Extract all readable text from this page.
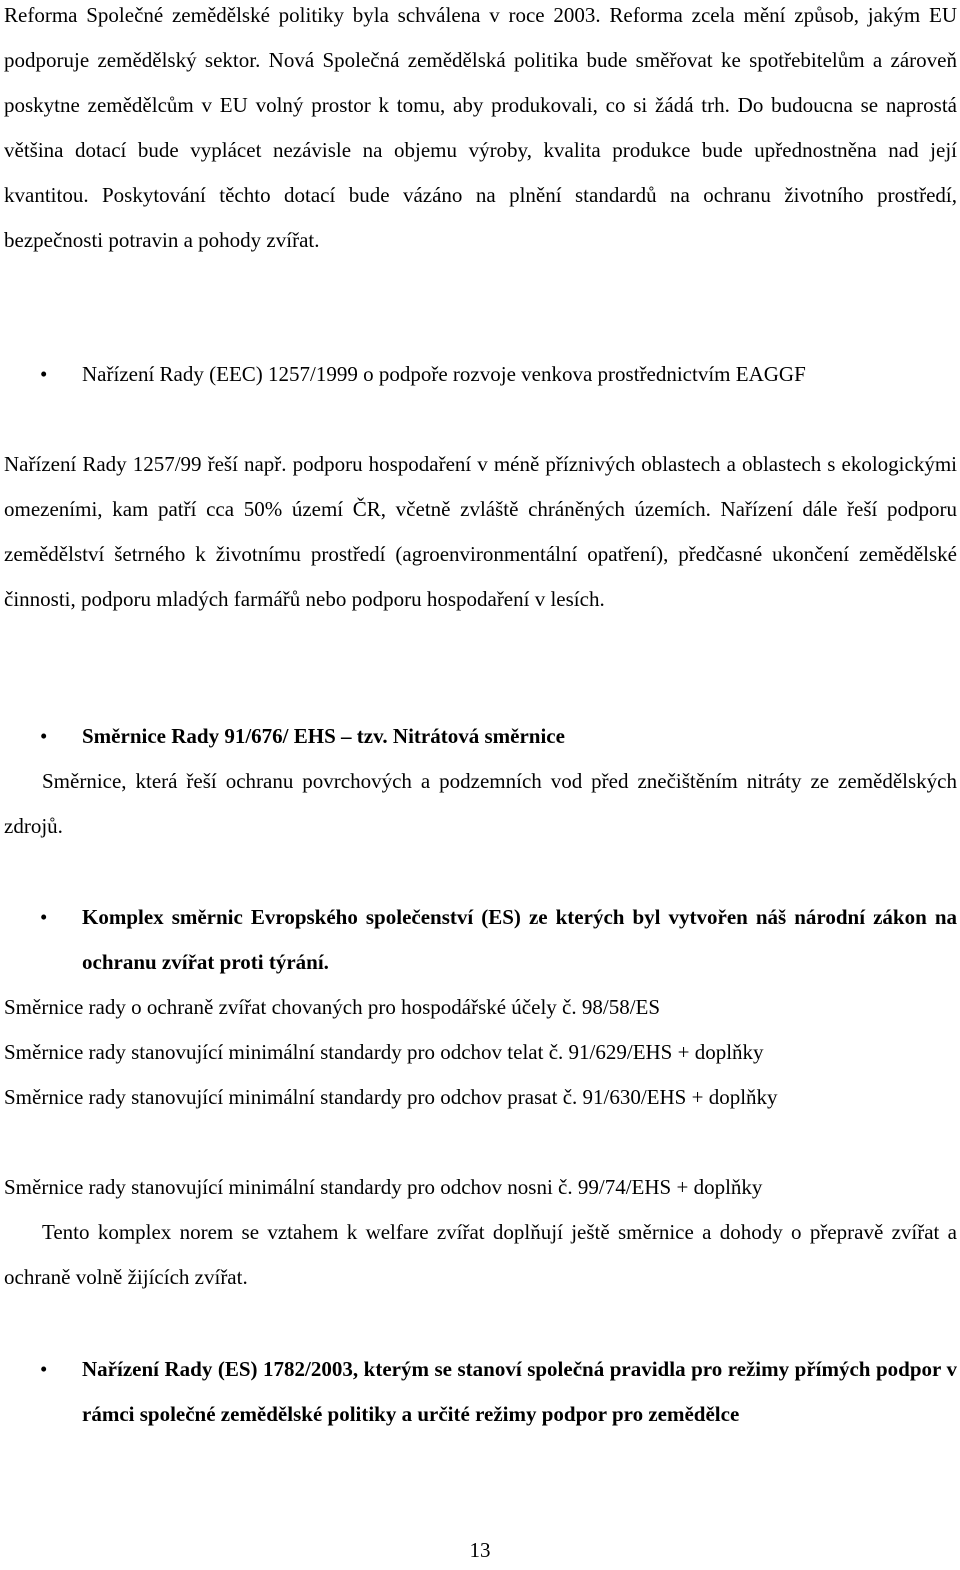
Reforma Společné zemědělské politiky byla schválena v roce 2003. Reforma zcela mění způsob, jakým EU podporuje zemědělský sektor. Nová Společná zemědělská politika bude směřovat ke spotřebitelům a zároveň poskytne zemědělcům v EU volný prostor k tomu, aby produkovali, co si žádá trh. Do budoucna se naprostá většina dotací bude vyplácet nezávisle na objemu výroby, kvalita produkce bude upřednostněna nad její kvantitou. Poskytování těchto dotací bude vázáno na plnění standardů na ochranu životního prostředí, bezpečnosti potravin a pohody zvířat.
•	Nařízení Rady (EEC) 1257/1999 o podpoře rozvoje venkova prostřednictvím EAGGF
Nařízení Rady 1257/99 řeší např. podporu hospodaření v méně příznivých oblastech a oblastech s ekologickými omezeními, kam patří cca 50% území ČR, včetně zvláště chráněných územích. Nařízení dále řeší podporu zemědělství šetrného k životnímu prostředí (agroenvironmentální opatření), předčasné ukončení zemědělské činnosti, podporu mladých farmářů nebo podporu hospodaření v lesích.
•	Směrnice Rady 91/676/ EHS – tzv. Nitrátová směrnice
Směrnice, která řeší ochranu povrchových a podzemních vod před znečištěním nitráty ze zemědělských zdrojů.
•	Komplex směrnic Evropského společenství (ES) ze kterých byl vytvořen náš národní zákon na ochranu zvířat proti týrání.
Směrnice rady o ochraně zvířat chovaných pro hospodářské účely č. 98/58/ES
Směrnice rady stanovující minimální standardy pro odchov telat č. 91/629/EHS + doplňky
Směrnice rady stanovující minimální standardy pro odchov prasat č. 91/630/EHS + doplňky
Směrnice rady stanovující minimální standardy pro odchov nosni č. 99/74/EHS + doplňky
Tento komplex norem se vztahem k welfare zvířat doplňují ještě směrnice a dohody o přepravě zvířat a ochraně volně žijících zvířat.
•	Nařízení Rady (ES) 1782/2003, kterým se stanoví společná pravidla pro režimy přímých podpor v rámci společné zemědělské politiky a určité režimy podpor pro zemědělce
13
